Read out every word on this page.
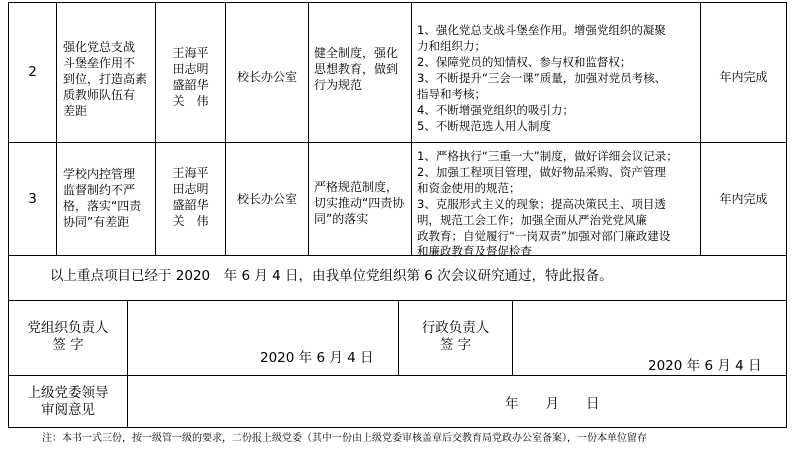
2
强化党总支战
斗堡垒作用不
到位，打造高素
质教师队伍有
差距
王海平
田志明
盛韶华
关　伟
校长办公室
健全制度，强化
思想教育，做到
行为规范
1、强化党总支战斗堡垒作用。增强党组织的凝聚
力和组织力；
2、保障党员的知情权、参与权和监督权；
3、不断提升“三会一课”质量，加强对党员考核、
指导和考核；
4、不断增强党组织的吸引力；
5、不断规范选人用人制度
年内完成
3
学校内控管理
监督制约不严
格，落实“四责
协同”有差距
王海平
田志明
盛韶华
关　伟
校长办公室
严格规范制度，
切实推动“四责协
同”的落实
1、严格执行“三重一大”制度，做好详细会议记录；
2、加强工程项目管理，做好物品采购、资产管理
和资金使用的规范；
3、克服形式主义的现象；提高决策民主、项目透
明，规范工会工作；加强全面从严治党党风廉
政教育；自觉履行“一岗双责”加强对部门廉政建设
和廉政教育及督促检查
年内完成
以上重点项目已经于 2020　年 6 月 4 日，由我单位党组织第 6 次会议研究通过，特此报备。
党组织负责人
签 字
2020 年 6 月 4 日
行政负责人
签 字
2020 年 6 月 4 日
上级党委领导
审阅意见	年　　月　　日
注：本书一式三份，按一级管一级的要求，二份报上级党委（其中一份由上级党委审核盖章后交教育局党政办公室备案），一份本单位留存
